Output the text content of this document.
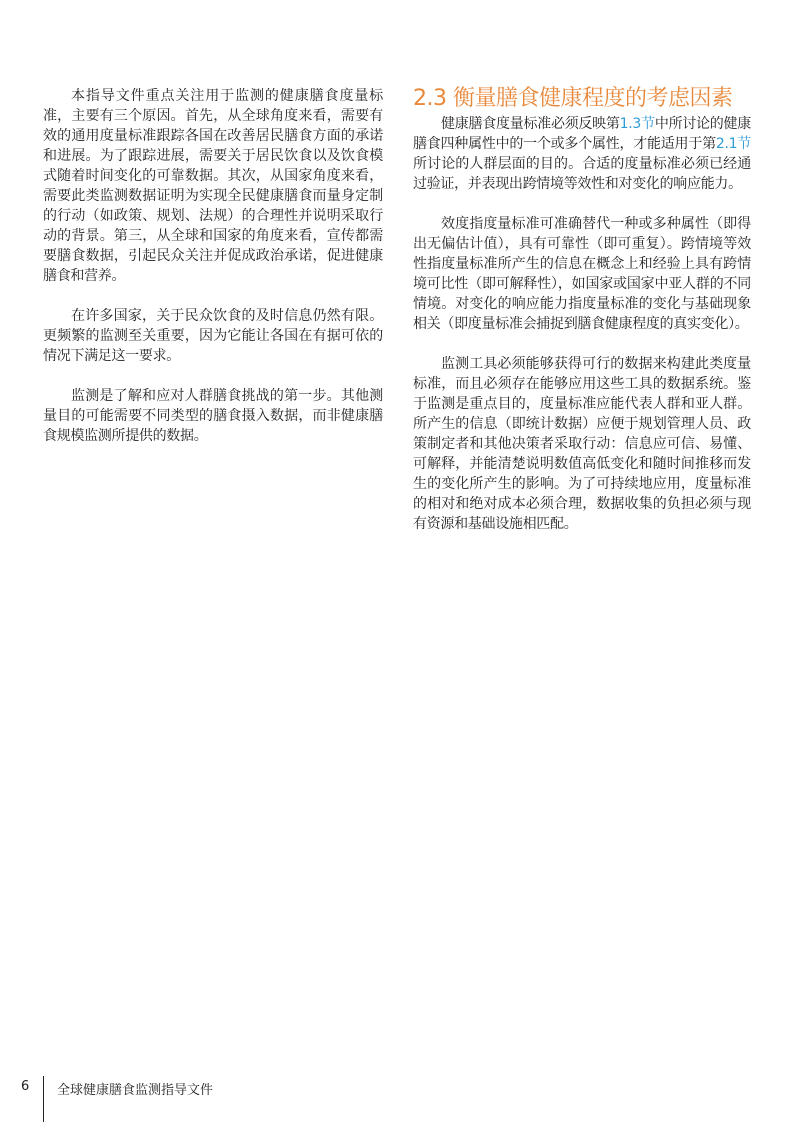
本指导文件重点关注用于监测的健康膳食度量标准，主要有三个原因。首先，从全球角度来看，需要有效的通用度量标准跟踪各国在改善居民膳食方面的承诺和进展。为了跟踪进展，需要关于居民饮食以及饮食模式随着时间变化的可靠数据。其次，从国家角度来看，需要此类监测数据证明为实现全民健康膳食而量身定制的行动（如政策、规划、法规）的合理性并说明采取行动的背景。第三，从全球和国家的角度来看，宣传都需要膳食数据，引起民众关注并促成政治承诺，促进健康膳食和营养。

在许多国家，关于民众饮食的及时信息仍然有限。更频繁的监测至关重要，因为它能让各国在有据可依的情况下满足这一要求。

监测是了解和应对人群膳食挑战的第一步。其他测量目的可能需要不同类型的膳食摄入数据，而非健康膳食规模监测所提供的数据。

2.3 衡量膳食健康程度的考虑因素

健康膳食度量标准必须反映第1.3节中所讨论的健康膳食四种属性中的一个或多个属性，才能适用于第2.1节所讨论的人群层面的目的。合适的度量标准必须已经通过验证，并表现出跨情境等效性和对变化的响应能力。

效度指度量标准可准确替代一种或多种属性（即得出无偏估计值），具有可靠性（即可重复）。跨情境等效性指度量标准所产生的信息在概念上和经验上具有跨情境可比性（即可解释性），如国家或国家中亚人群的不同情境。对变化的响应能力指度量标准的变化与基础现象相关（即度量标准会捕捉到膳食健康程度的真实变化）。

监测工具必须能够获得可行的数据来构建此类度量标准，而且必须存在能够应用这些工具的数据系统。鉴于监测是重点目的，度量标准应能代表人群和亚人群。所产生的信息（即统计数据）应便于规划管理人员、政策制定者和其他决策者采取行动：信息应可信、易懂、可解释，并能清楚说明数值高低变化和随时间推移而发生的变化所产生的影响。为了可持续地应用，度量标准的相对和绝对成本必须合理，数据收集的负担必须与现有资源和基础设施相匹配。

6 全球健康膳食监测指导文件
